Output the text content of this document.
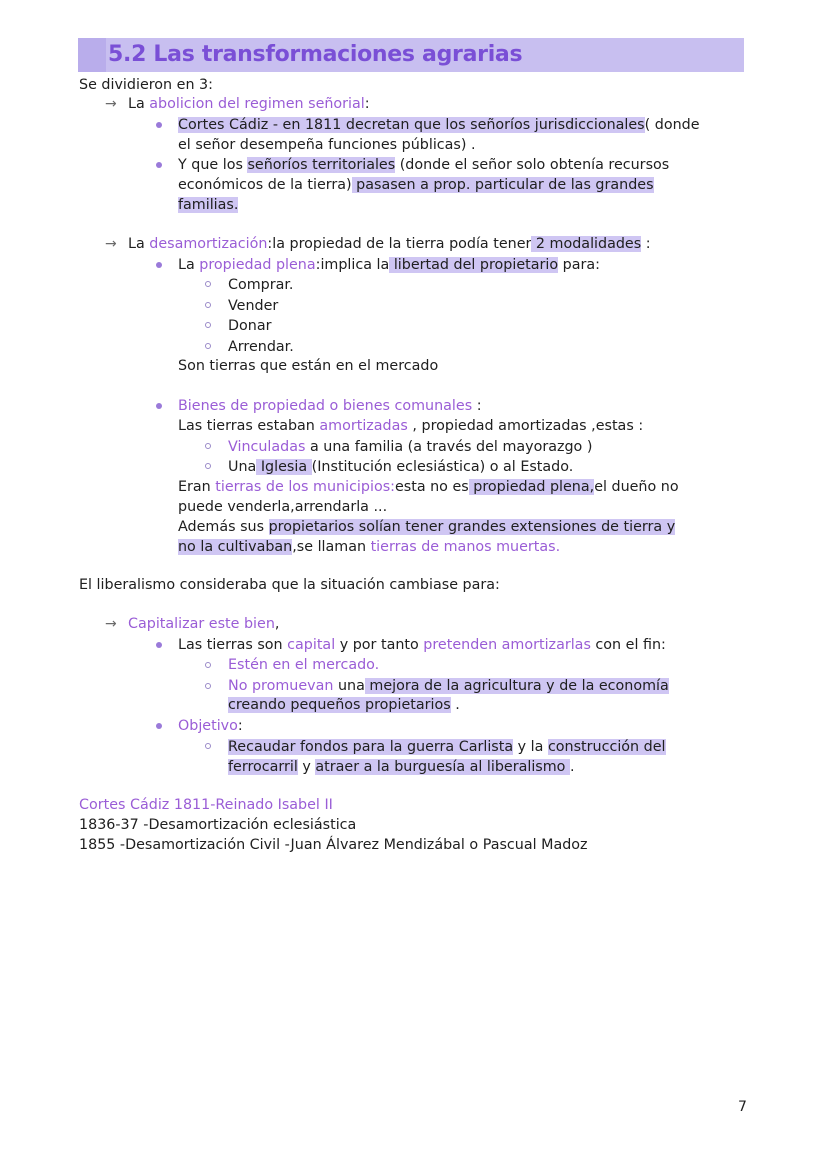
5.2 Las transformaciones agrarias
Se dividieron en 3:
→ La abolicion del regimen señorial:
Cortes Cádiz - en 1811 decretan que los señoríos jurisdiccionales( donde
el señor desempeña funciones públicas) .
Y que los señoríos territoriales (donde el señor solo obtenía recursos
económicos de la tierra) pasasen a prop. particular de las grandes
familias.
→ La desamortización:la propiedad de la tierra podía tener 2 modalidades :
La propiedad plena:implica la libertad del propietario para:
Comprar.
Vender
Donar
Arrendar.
Son tierras que están en el mercado
Bienes de propiedad o bienes comunales :
Las tierras estaban amortizadas , propiedad amortizadas ,estas :
Vinculadas a una familia (a través del mayorazgo )
Una Iglesia (Institución eclesiástica) o al Estado.
Eran tierras de los municipios:esta no es propiedad plena,el dueño no
puede venderla,arrendarla ...
Además sus propietarios solían tener grandes extensiones de tierra y
no la cultivaban,se llaman tierras de manos muertas.
El liberalismo consideraba que la situación cambiase para:
→ Capitalizar este bien,
Las tierras son capital y por tanto pretenden amortizarlas con el fin:
Estén en el mercado.
No promuevan una mejora de la agricultura y de la economía
creando pequeños propietarios .
Objetivo:
Recaudar fondos para la guerra Carlista y la construcción del
ferrocarril y atraer a la burguesía al liberalismo .
Cortes Cádiz 1811-Reinado Isabel II
1836-37 -Desamortización eclesiástica
1855 -Desamortización Civil -Juan Álvarez Mendizábal o Pascual Madoz
7
